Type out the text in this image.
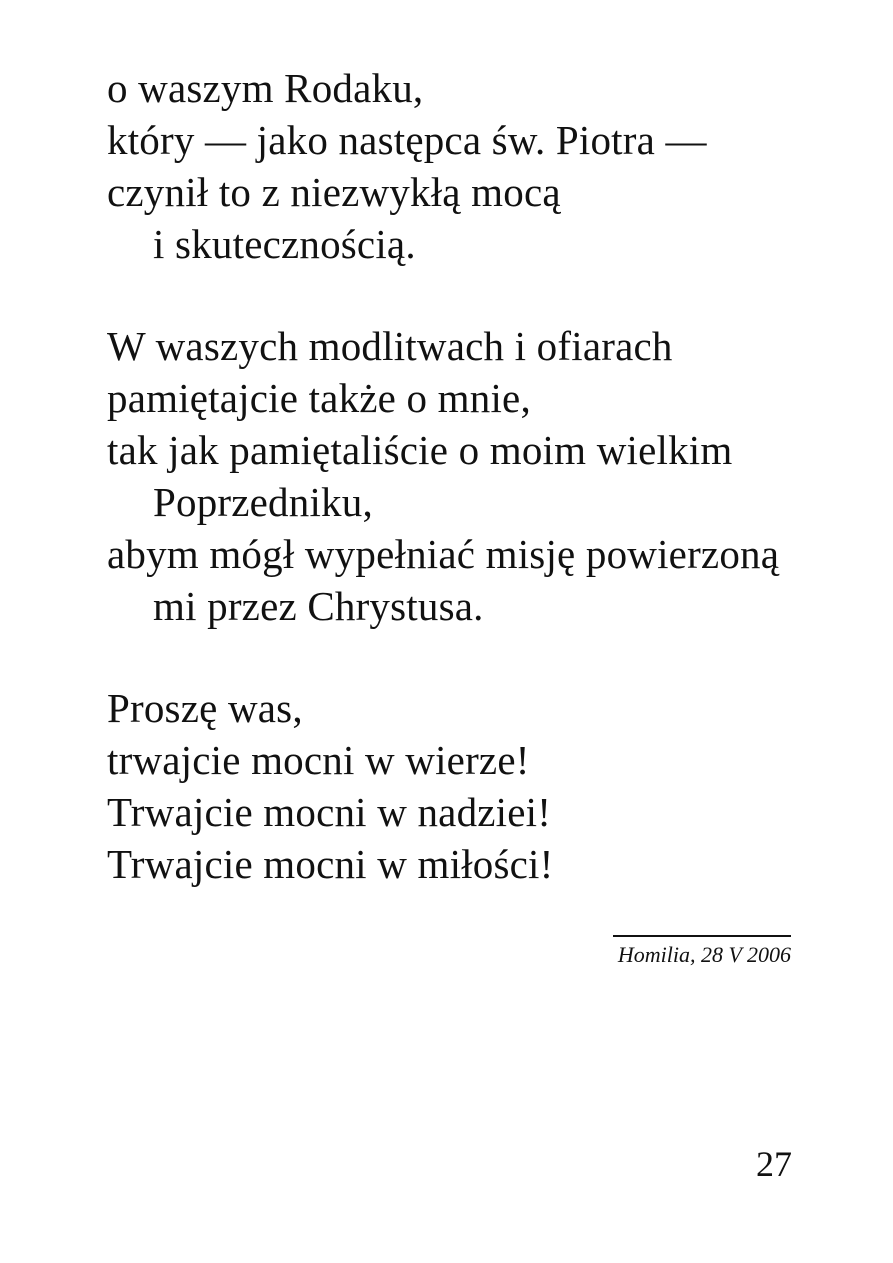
o waszym Rodaku,
który — jako następca św. Piotra —
czynił to z niezwykłą mocą
i skutecznością.
W waszych modlitwach i ofiarach
pamiętajcie także o mnie,
tak jak pamiętaliście o moim wielkim
Poprzedniku,
abym mógł wypełniać misję powierzoną
mi przez Chrystusa.
Proszę was,
trwajcie mocni w wierze!
Trwajcie mocni w nadziei!
Trwajcie mocni w miłości!
Homilia, 28 V 2006
27
